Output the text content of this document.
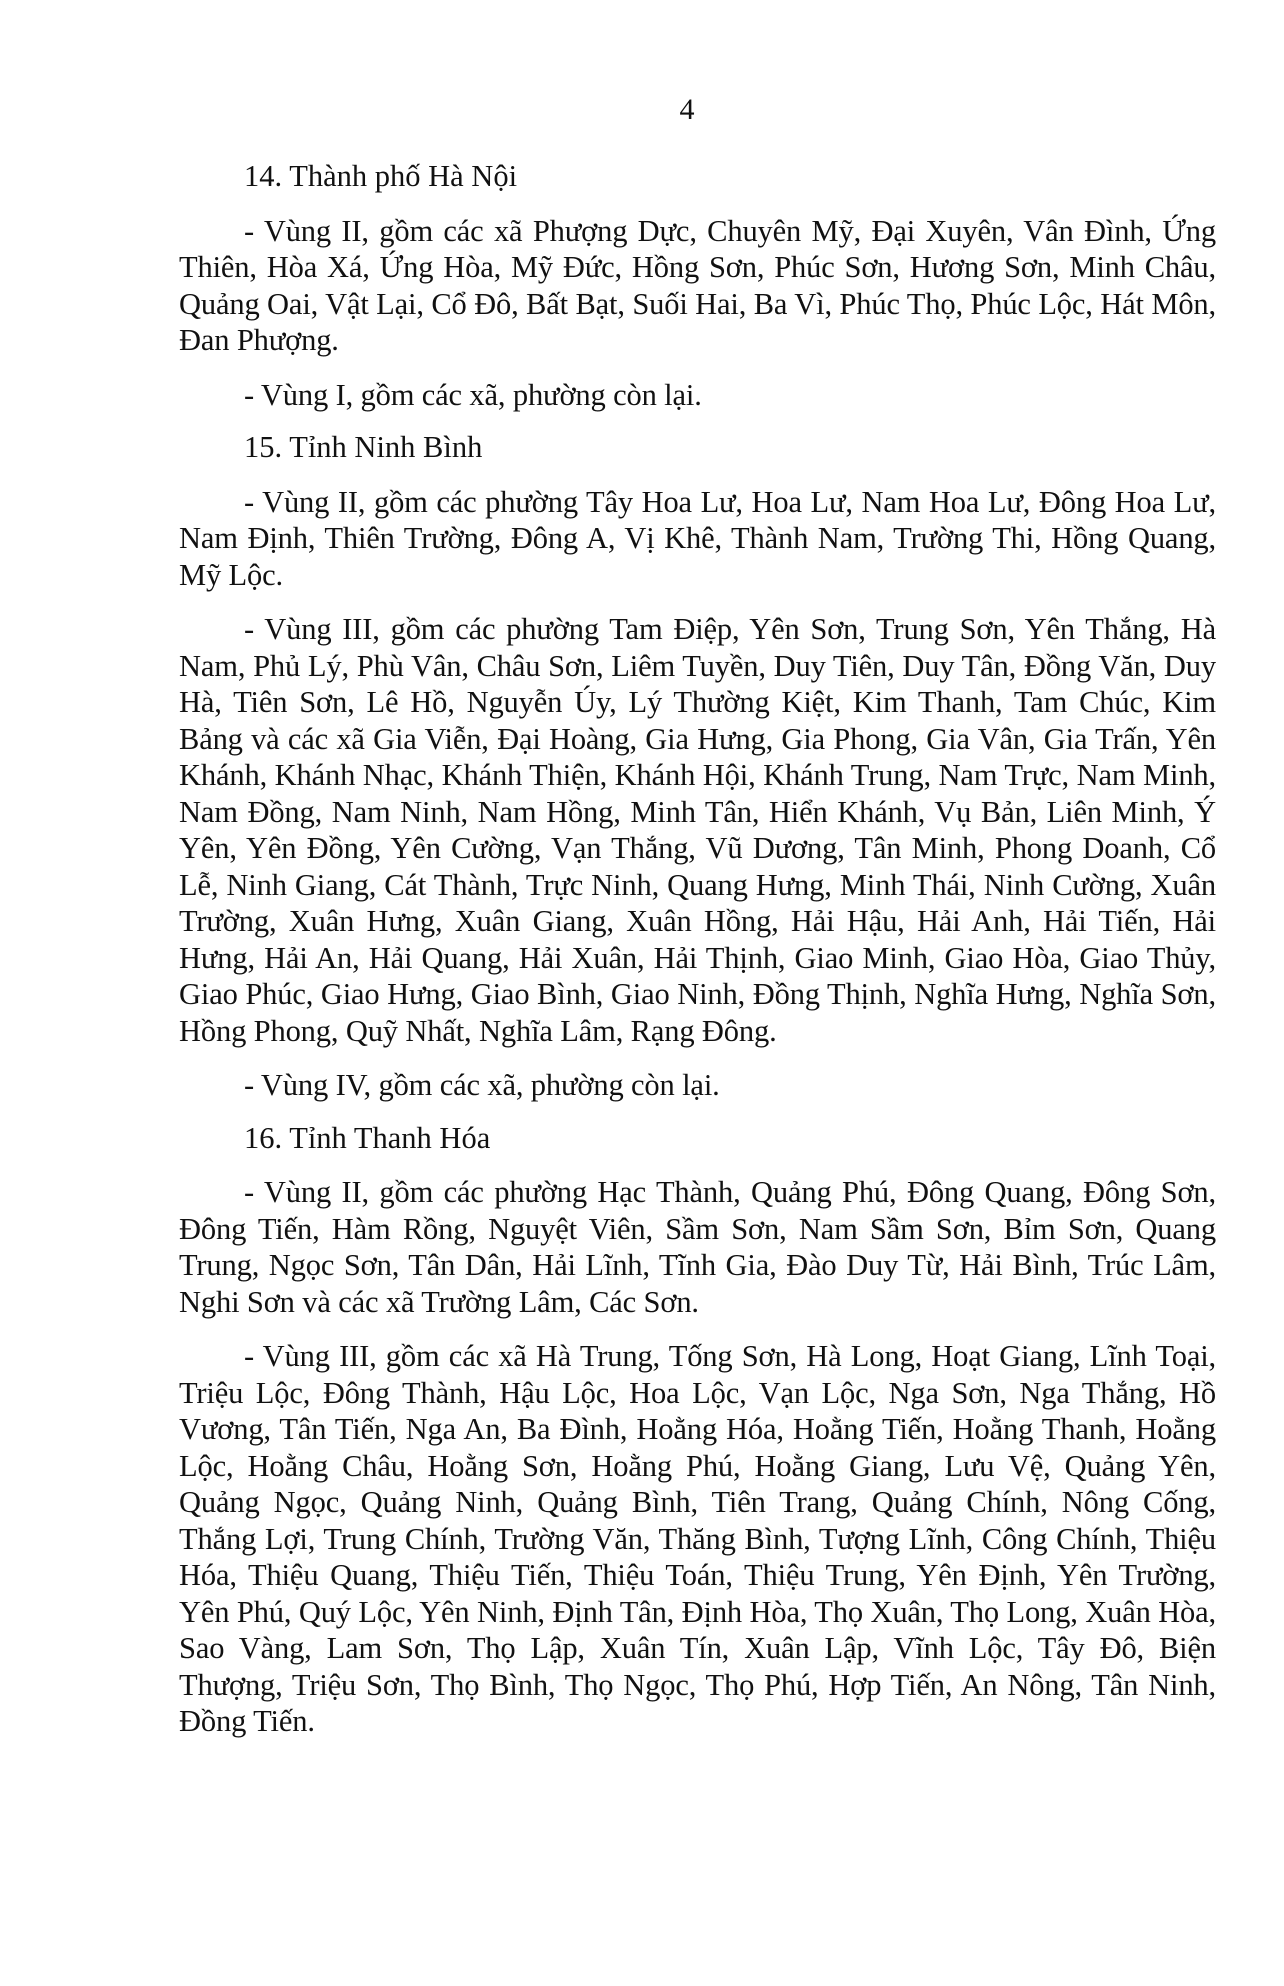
4

14. Thành phố Hà Nội

- Vùng II, gồm các xã Phượng Dực, Chuyên Mỹ, Đại Xuyên, Vân Đình, Ứng Thiên, Hòa Xá, Ứng Hòa, Mỹ Đức, Hồng Sơn, Phúc Sơn, Hương Sơn, Minh Châu, Quảng Oai, Vật Lại, Cổ Đô, Bất Bạt, Suối Hai, Ba Vì, Phúc Thọ, Phúc Lộc, Hát Môn, Đan Phượng.

- Vùng I, gồm các xã, phường còn lại.

15. Tỉnh Ninh Bình

- Vùng II, gồm các phường Tây Hoa Lư, Hoa Lư, Nam Hoa Lư, Đông Hoa Lư, Nam Định, Thiên Trường, Đông A, Vị Khê, Thành Nam, Trường Thi, Hồng Quang, Mỹ Lộc.

- Vùng III, gồm các phường Tam Điệp, Yên Sơn, Trung Sơn, Yên Thắng, Hà Nam, Phủ Lý, Phù Vân, Châu Sơn, Liêm Tuyền, Duy Tiên, Duy Tân, Đồng Văn, Duy Hà, Tiên Sơn, Lê Hồ, Nguyễn Úy, Lý Thường Kiệt, Kim Thanh, Tam Chúc, Kim Bảng và các xã Gia Viễn, Đại Hoàng, Gia Hưng, Gia Phong, Gia Vân, Gia Trấn, Yên Khánh, Khánh Nhạc, Khánh Thiện, Khánh Hội, Khánh Trung, Nam Trực, Nam Minh, Nam Đồng, Nam Ninh, Nam Hồng, Minh Tân, Hiển Khánh, Vụ Bản, Liên Minh, Ý Yên, Yên Đồng, Yên Cường, Vạn Thắng, Vũ Dương, Tân Minh, Phong Doanh, Cổ Lễ, Ninh Giang, Cát Thành, Trực Ninh, Quang Hưng, Minh Thái, Ninh Cường, Xuân Trường, Xuân Hưng, Xuân Giang, Xuân Hồng, Hải Hậu, Hải Anh, Hải Tiến, Hải Hưng, Hải An, Hải Quang, Hải Xuân, Hải Thịnh, Giao Minh, Giao Hòa, Giao Thủy, Giao Phúc, Giao Hưng, Giao Bình, Giao Ninh, Đồng Thịnh, Nghĩa Hưng, Nghĩa Sơn, Hồng Phong, Quỹ Nhất, Nghĩa Lâm, Rạng Đông.

- Vùng IV, gồm các xã, phường còn lại.

16. Tỉnh Thanh Hóa

- Vùng II, gồm các phường Hạc Thành, Quảng Phú, Đông Quang, Đông Sơn, Đông Tiến, Hàm Rồng, Nguyệt Viên, Sầm Sơn, Nam Sầm Sơn, Bỉm Sơn, Quang Trung, Ngọc Sơn, Tân Dân, Hải Lĩnh, Tĩnh Gia, Đào Duy Từ, Hải Bình, Trúc Lâm, Nghi Sơn và các xã Trường Lâm, Các Sơn.

- Vùng III, gồm các xã Hà Trung, Tống Sơn, Hà Long, Hoạt Giang, Lĩnh Toại, Triệu Lộc, Đông Thành, Hậu Lộc, Hoa Lộc, Vạn Lộc, Nga Sơn, Nga Thắng, Hồ Vương, Tân Tiến, Nga An, Ba Đình, Hoằng Hóa, Hoằng Tiến, Hoằng Thanh, Hoằng Lộc, Hoằng Châu, Hoằng Sơn, Hoằng Phú, Hoằng Giang, Lưu Vệ, Quảng Yên, Quảng Ngọc, Quảng Ninh, Quảng Bình, Tiên Trang, Quảng Chính, Nông Cống, Thắng Lợi, Trung Chính, Trường Văn, Thăng Bình, Tượng Lĩnh, Công Chính, Thiệu Hóa, Thiệu Quang, Thiệu Tiến, Thiệu Toán, Thiệu Trung, Yên Định, Yên Trường, Yên Phú, Quý Lộc, Yên Ninh, Định Tân, Định Hòa, Thọ Xuân, Thọ Long, Xuân Hòa, Sao Vàng, Lam Sơn, Thọ Lập, Xuân Tín, Xuân Lập, Vĩnh Lộc, Tây Đô, Biện Thượng, Triệu Sơn, Thọ Bình, Thọ Ngọc, Thọ Phú, Hợp Tiến, An Nông, Tân Ninh, Đồng Tiến.
